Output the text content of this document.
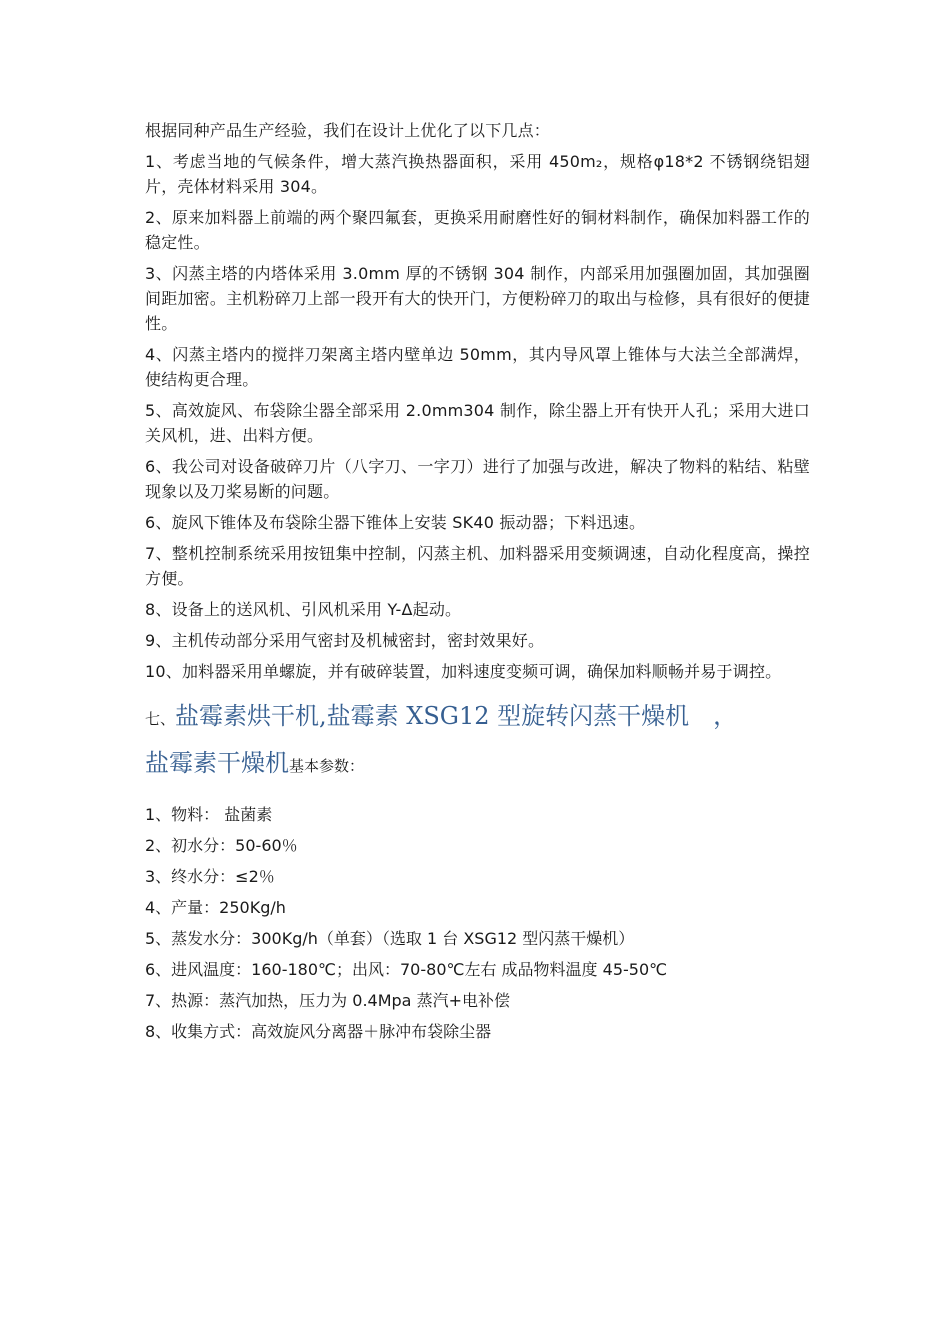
根据同种产品生产经验，我们在设计上优化了以下几点：

1、考虑当地的气候条件，增大蒸汽换热器面积，采用 450m₂，规格φ18*2 不锈钢绕铝翅片，壳体材料采用 304。

2、原来加料器上前端的两个聚四氟套，更换采用耐磨性好的铜材料制作，确保加料器工作的稳定性。

3、闪蒸主塔的内塔体采用 3.0mm 厚的不锈钢 304 制作，内部采用加强圈加固，其加强圈间距加密。主机粉碎刀上部一段开有大的快开门，方便粉碎刀的取出与检修，具有很好的便捷性。

4、闪蒸主塔内的搅拌刀架离主塔内壁单边 50mm，其内导风罩上锥体与大法兰全部满焊，使结构更合理。

5、高效旋风、布袋除尘器全部采用 2.0mm304 制作，除尘器上开有快开人孔；采用大进口关风机，进、出料方便。

6、我公司对设备破碎刀片（八字刀、一字刀）进行了加强与改进，解决了物料的粘结、粘壁现象以及刀桨易断的问题。

6、旋风下锥体及布袋除尘器下锥体上安装 SK40 振动器；下料迅速。

7、整机控制系统采用按钮集中控制，闪蒸主机、加料器采用变频调速，自动化程度高，操控方便。

8、设备上的送风机、引风机采用 Y-Δ起动。

9、主机传动部分采用气密封及机械密封，密封效果好。

10、加料器采用单螺旋，并有破碎装置，加料速度变频可调，确保加料顺畅并易于调控。

七、盐霉素烘干机,盐霉素 XSG12 型旋转闪蒸干燥机　，
盐霉素干燥机基本参数：

1、物料： 盐菌素

2、初水分：50-60％

3、终水分：≤2％

4、产量：250Kg/h

5、蒸发水分：300Kg/h（单套）（选取 1 台 XSG12 型闪蒸干燥机）

6、进风温度：160-180℃；出风：70-80℃左右 成品物料温度 45-50℃

7、热源：蒸汽加热，压力为 0.4Mpa 蒸汽+电补偿

8、收集方式：高效旋风分离器＋脉冲布袋除尘器
